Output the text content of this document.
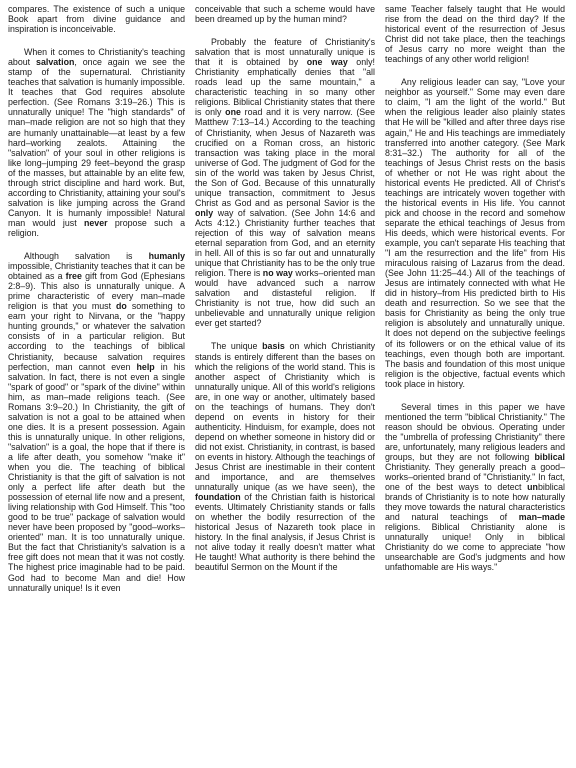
compares. The existence of such a unique Book apart from divine guidance and inspiration is inconceivable.

When it comes to Christianity's teaching about salvation, once again we see the stamp of the supernatural. Christianity teaches that salvation is humanly impossible. It teaches that God requires absolute perfection. (See Romans 3:19–26.) This is unnaturally unique! The "high standards" of man–made religion are not so high that they are humanly unattainable—at least by a few hard–working zealots. Attaining the "salvation" of your soul in other religions is like long–jumping 29 feet–beyond the grasp of the masses, but attainable by an elite few, through strict discipline and hard work. But, according to Christianity, attaining your soul's salvation is like jumping across the Grand Canyon. It is humanly impossible! Natural man would just never propose such a religion.

Although salvation is humanly impossible, Christianity teaches that it can be obtained as a free gift from God (Ephesians 2:8–9). This also is unnaturally unique. A prime characteristic of every man–made religion is that you must do something to earn your right to Nirvana, or the "happy hunting grounds," or whatever the salvation consists of in a particular religion. But according to the teachings of biblical Christianity, because salvation requires perfection, man cannot even help in his salvation. In fact, there is not even a single "spark of good" or "spark of the divine" within him, as man–made religions teach. (See Romans 3:9–20.) In Christianity, the gift of salvation is not a goal to be attained when one dies. It is a present possession. Again this is unnaturally unique. In other religions, "salvation" is a goal, the hope that if there is a life after death, you somehow "make it" when you die. The teaching of biblical Christianity is that the gift of salvation is not only a perfect life after death but the possession of eternal life now and a present, living relationship with God Himself. This "too good to be true" package of salvation would never have been proposed by "good–works–oriented" man. It is too unnaturally unique. But the fact that Christianity's salvation is a free gift does not mean that it was not costly. The highest price imaginable had to be paid. God had to become Man and die! How unnaturally unique! Is it even

conceivable that such a scheme would have been dreamed up by the human mind?

Probably the feature of Christianity's salvation that is most unnaturally unique is that it is obtained by one way only! Christianity emphatically denies that "all roads lead up the same mountain," a characteristic teaching in so many other religions. Biblical Christianity states that there is only one road and it is very narrow. (See Matthew 7:13–14.) According to the teaching of Christianity, when Jesus of Nazareth was crucified on a Roman cross, an historic transaction was taking place in the moral universe of God. The judgment of God for the sin of the world was taken by Jesus Christ, the Son of God. Because of this unnaturally unique transaction, commitment to Jesus Christ as God and as personal Savior is the only way of salvation. (See John 14:6 and Acts 4:12.) Christianity further teaches that rejection of this way of salvation means eternal separation from God, and an eternity in hell. All of this is so far out and unnaturally unique that Christianity has to be the only true religion. There is no way works–oriented man would have advanced such a narrow salvation and distasteful religion. If Christianity is not true, how did such an unbelievable and unnaturally unique religion ever get started?

The unique basis on which Christianity stands is entirely different than the bases on which the religions of the world stand. This is another aspect of Christianity which is unnaturally unique. All of this world's religions are, in one way or another, ultimately based on the teachings of humans. They don't depend on events in history for their authenticity. Hinduism, for example, does not depend on whether someone in history did or did not exist. Christianity, in contrast, is based on events in history. Although the teachings of Jesus Christ are inestimable in their content and importance, and are themselves unnaturally unique (as we have seen), the foundation of the Christian faith is historical events. Ultimately Christianity stands or falls on whether the bodily resurrection of the historical Jesus of Nazareth took place in history. In the final analysis, if Jesus Christ is not alive today it really doesn't matter what He taught! What authority is there behind the beautiful Sermon on the Mount if the

same Teacher falsely taught that He would rise from the dead on the third day? If the historical event of the resurrection of Jesus Christ did not take place, then the teachings of Jesus carry no more weight than the teachings of any other world religion!

Any religious leader can say, "Love your neighbor as yourself." Some may even dare to claim, "I am the light of the world." But when the religious leader also plainly states that He will be "killed and after three days rise again," He and His teachings are immediately transferred into another category. (See Mark 8:31–32.) The authority for all of the teachings of Jesus Christ rests on the basis of whether or not He was right about the historical events He predicted. All of Christ's teachings are intricately woven together with the historical events in His life. You cannot pick and choose in the record and somehow separate the ethical teachings of Jesus from His deeds, which were historical events. For example, you can't separate His teaching that "I am the resurrection and the life" from His miraculous raising of Lazarus from the dead. (See John 11:25–44.) All of the teachings of Jesus are intimately connected with what He did in history–from His predicted birth to His death and resurrection. So we see that the basis for Christianity as being the only true religion is absolutely and unnaturally unique. It does not depend on the subjective feelings of its followers or on the ethical value of its teachings, even though both are important. The basis and foundation of this most unique religion is the objective, factual events which took place in history.

Several times in this paper we have mentioned the term "biblical Christianity." The reason should be obvious. Operating under the "umbrella of professing Christianity" there are, unfortunately, many religious leaders and groups, but they are not following biblical Christianity. They generally preach a good–works–oriented brand of "Christianity." In fact, one of the best ways to detect unbiblical brands of Christianity is to note how naturally they move towards the natural characteristics and natural teachings of man–made religions. Biblical Christianity alone is unnaturally unique! Only in biblical Christianity do we come to appreciate "how unsearchable are God's judgments and how unfathomable are His ways."
